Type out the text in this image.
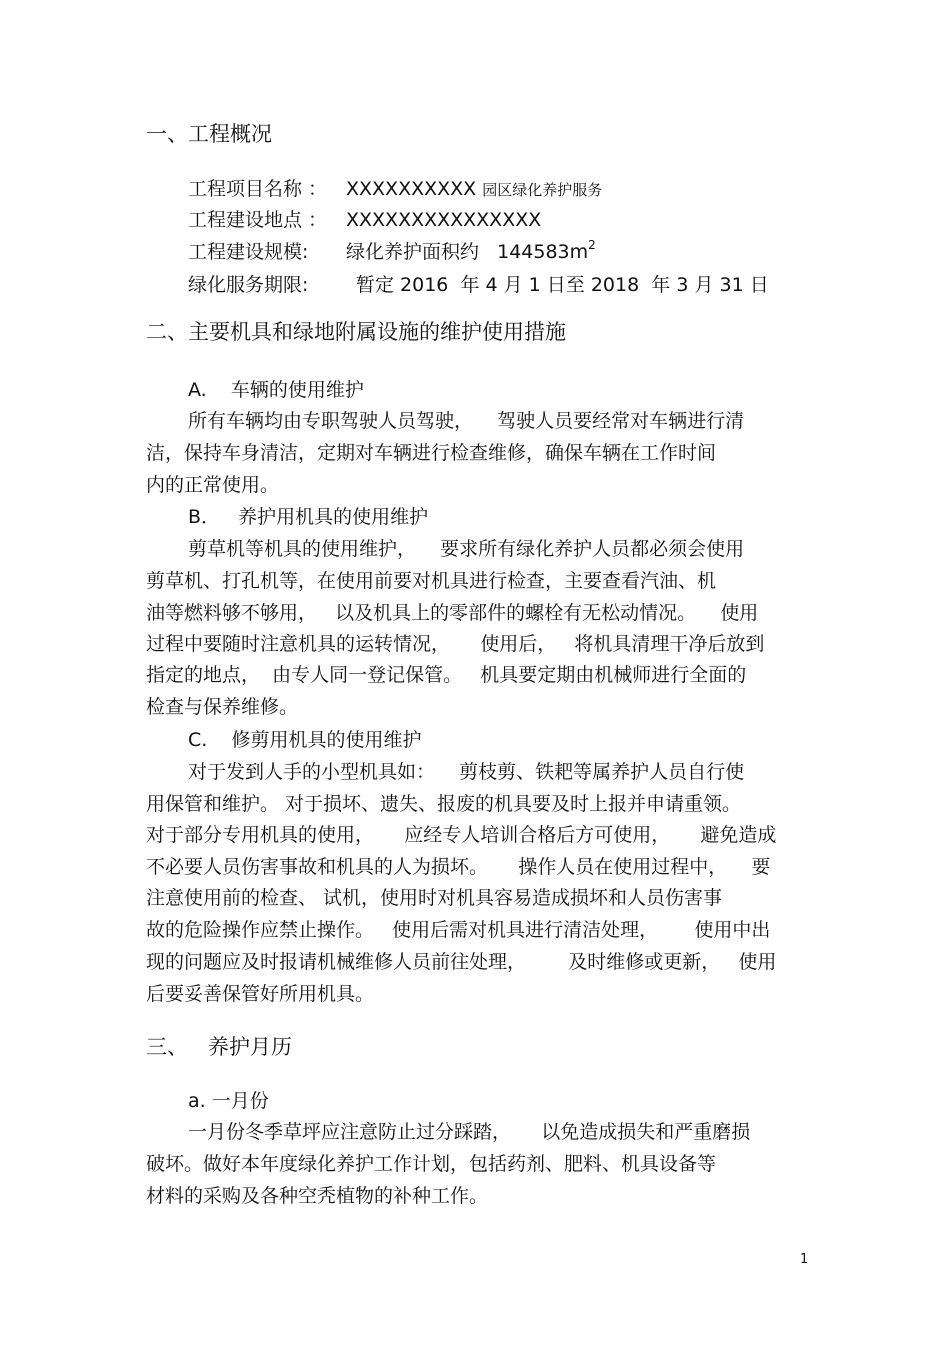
一、工程概况
工程项目名称 ： XXXXXXXXXX 园区绿化养护服务
工程建设地点 ： XXXXXXXXXXXXXXX
工程建设规模: 绿化养护面积约   $144583m^2$
绿化服务期限:	暂定 2016  年 4 月 1 日至 2018  年 3 月 31 日
二、主要机具和绿地附属设施的维护使用措施
A.    车辆的使用维护
所有车辆均由专职驾驶人员驾驶，    驾驶人员要经常对车辆进行清
洁，保持车身清洁，定期对车辆进行检查维修，确保车辆在工作时间
内的正常使用。
B．   养护用机具的使用维护
剪草机等机具的使用维护，    要求所有绿化养护人员都必须会使用
剪草机、打孔机等，在使用前要对机具进行检查，主要查看汽油、机
油等燃料够不够用，   以及机具上的零部件的螺栓有无松动情况。    使用
过程中要随时注意机具的运转情况，     使用后，   将机具清理干净后放到
指定的地点，  由专人同一登记保管。   机具要定期由机械师进行全面的
检查与保养维修。
C.    修剪用机具的使用维护
对于发到人手的小型机具如：    剪枝剪、铁耙等属养护人员自行使
用保管和维护。 对于损坏、遗失、报废的机具要及时上报并申请重领。
对于部分专用机具的使用，     应经专人培训合格后方可使用，     避免造成
不必要人员伤害事故和机具的人为损坏。     操作人员在使用过程中，    要
注意使用前的检查、 试机，使用时对机具容易造成损坏和人员伤害事
故的危险操作应禁止操作。   使用后需对机具进行清洁处理，      使用中出
现的问题应及时报请机械维修人员前往处理，       及时维修或更新，   使用
后要妥善保管好所用机具。
三、   养护月历
a. 一月份
一月份冬季草坪应注意防止过分踩踏，     以免造成损失和严重磨损
破坏。做好本年度绿化养护工作计划，包括药剂、肥料、机具设备等
材料的采购及各种空秃植物的补种工作。
1
